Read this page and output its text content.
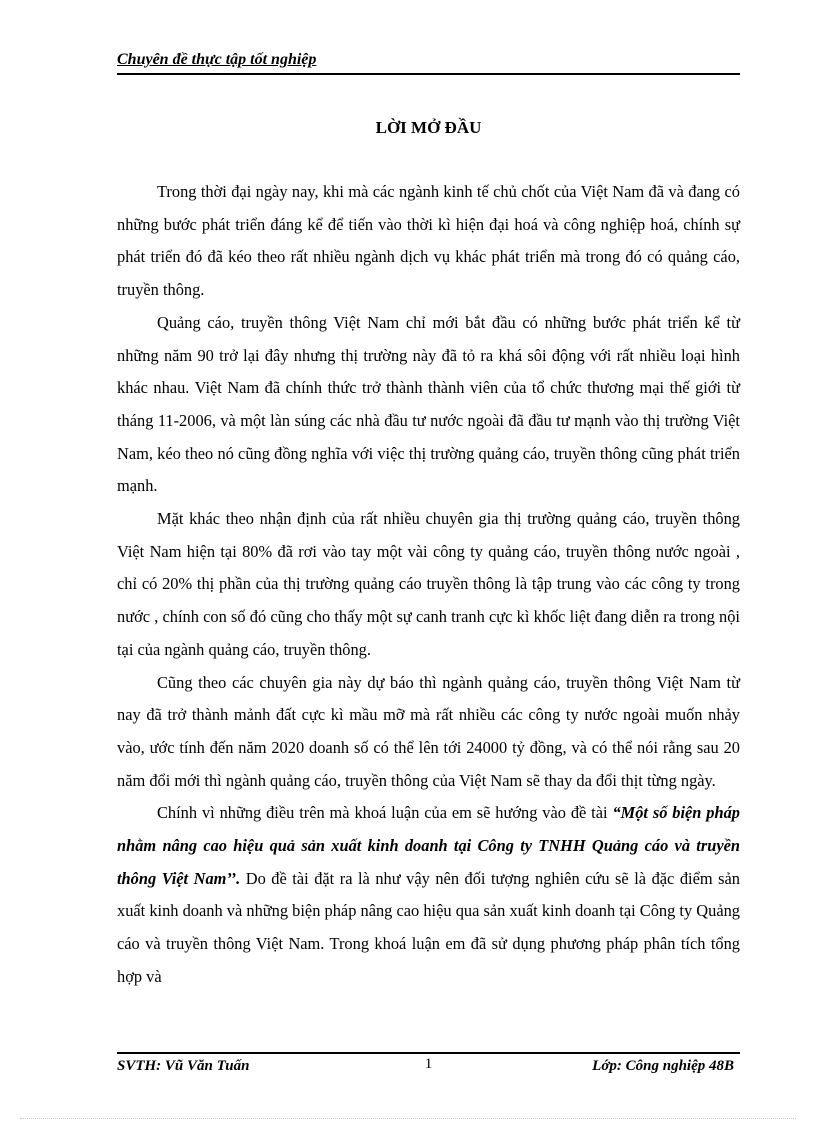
Chuyên đề thực tập tốt nghiệp
LỜI MỞ ĐẦU

Trong thời đại ngày nay, khi mà các ngành kinh tế chủ chốt của Việt Nam đã và đang có những bước phát triển đáng kể để tiến vào thời kì hiện đại hoá và công nghiệp hoá, chính sự phát triển đó đã kéo theo rất nhiều ngành dịch vụ khác phát triển mà trong đó có quảng cáo, truyền thông.

Quảng cáo, truyền thông Việt Nam chỉ mới bắt đầu có những bước phát triển kể từ những năm 90 trở lại đây nhưng thị trường này đã tỏ ra khá sôi động với rất nhiều loại hình khác nhau. Việt Nam đã chính thức trở thành thành viên của tổ chức thương mại thế giới từ tháng 11-2006, và một làn súng các nhà đầu tư nước ngoài đã đầu tư mạnh vào thị trường Việt Nam, kéo theo nó cũng đồng nghĩa với việc thị trường quảng cáo, truyền thông cũng phát triển mạnh.

Mặt khác theo nhận định của rất nhiều chuyên gia thị trường quảng cáo, truyền thông Việt Nam hiện tại 80% đã rơi vào tay một vài công ty quảng cáo, truyền thông nước ngoài , chỉ có 20% thị phần của thị trường quảng cáo truyền thông là tập trung vào các công ty trong nước , chính con số đó cũng cho thấy một sự canh tranh cực kì khốc liệt đang diễn ra trong nội tại của ngành quảng cáo, truyền thông.

Cũng theo các chuyên gia này dự báo thì ngành quảng cáo, truyền thông Việt Nam từ nay đã trở thành mảnh đất cực kì mầu mỡ mà rất nhiều các công ty nước ngoài muốn nhảy vào, ước tính đến năm 2020 doanh số có thể lên tới 24000 tỷ đồng, và có thể nói rằng sau 20 năm đổi mới thì ngành quảng cáo, truyền thông của Việt Nam sẽ thay da đổi thịt từng ngày.

Chính vì những điều trên mà khoá luận của em sẽ hướng vào đề tài “Một số biện pháp nhằm nâng cao hiệu quả sản xuất kinh doanh tại Công ty TNHH Quảng cáo và truyền thông Việt Nam’’. Do đề tài đặt ra là như vậy nên đối tượng nghiên cứu sẽ là đặc điểm sản xuất kinh doanh và những biện pháp nâng cao hiệu qua sản xuất kinh doanh tại Công ty Quảng cáo và truyền thông Việt Nam. Trong khoá luận em đã sử dụng phương pháp phân tích tổng hợp và

SVTH: Vũ Văn Tuấn	1	Lớp: Công nghiệp 48B
